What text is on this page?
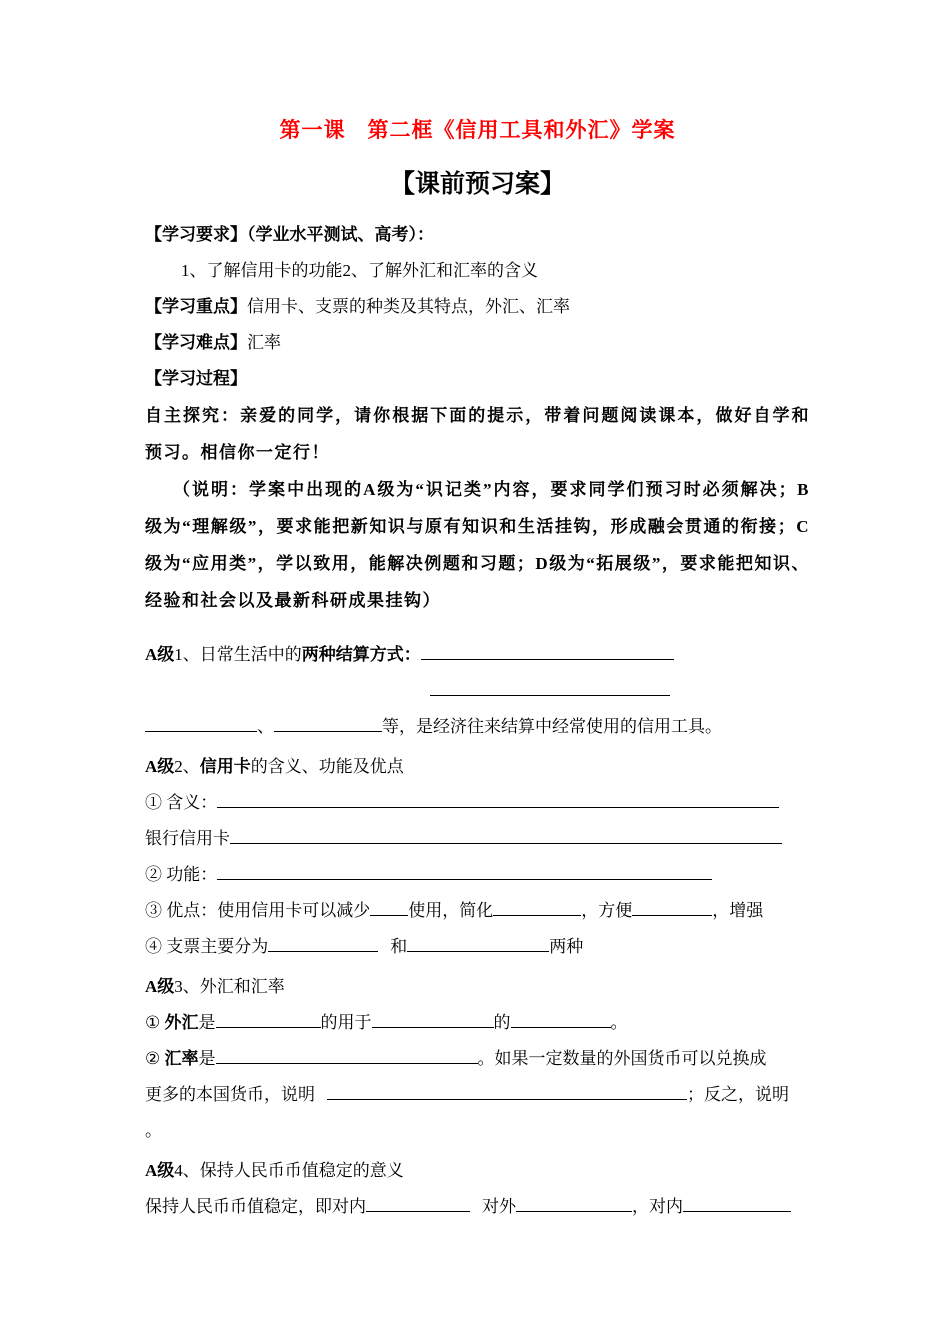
第一课　第二框《信用工具和外汇》学案
【课前预习案】

【学习要求】（学业水平测试、高考）：

1、了解信用卡的功能2、了解外汇和汇率的含义

【学习重点】信用卡、支票的种类及其特点，外汇、汇率

【学习难点】汇率

【学习过程】

自主探究：亲爱的同学，请你根据下面的提示，带着问题阅读课本，做好自学和预习。相信你一定行！

（说明：学案中出现的A级为“识记类”内容，要求同学们预习时必须解决；B级为“理解级”，要求能把新知识与原有知识和生活挂钩，形成融会贯通的衔接；C级为“应用类”，学以致用，能解决例题和习题；D级为“拓展级”，要求能把知识、经验和社会以及最新科研成果挂钩）

A级1、日常生活中的两种结算方式：

、	等，是经济往来结算中经常使用的信用工具。

A级2、信用卡的含义、功能及优点

① 含义：

银行信用卡

② 功能：

③ 优点：使用信用卡可以减少 使用，简化	，方便	，增强

④ 支票主要分为	和	两种

A级3、外汇和汇率

① 外汇是	的用于	的	。

② 汇率是	。如果一定数量的外国货币可以兑换成

更多的本国货币，说明	；反之，说明

。

A级4、保持人民币币值稳定的意义

保持人民币币值稳定，即对内	对外	，对内
